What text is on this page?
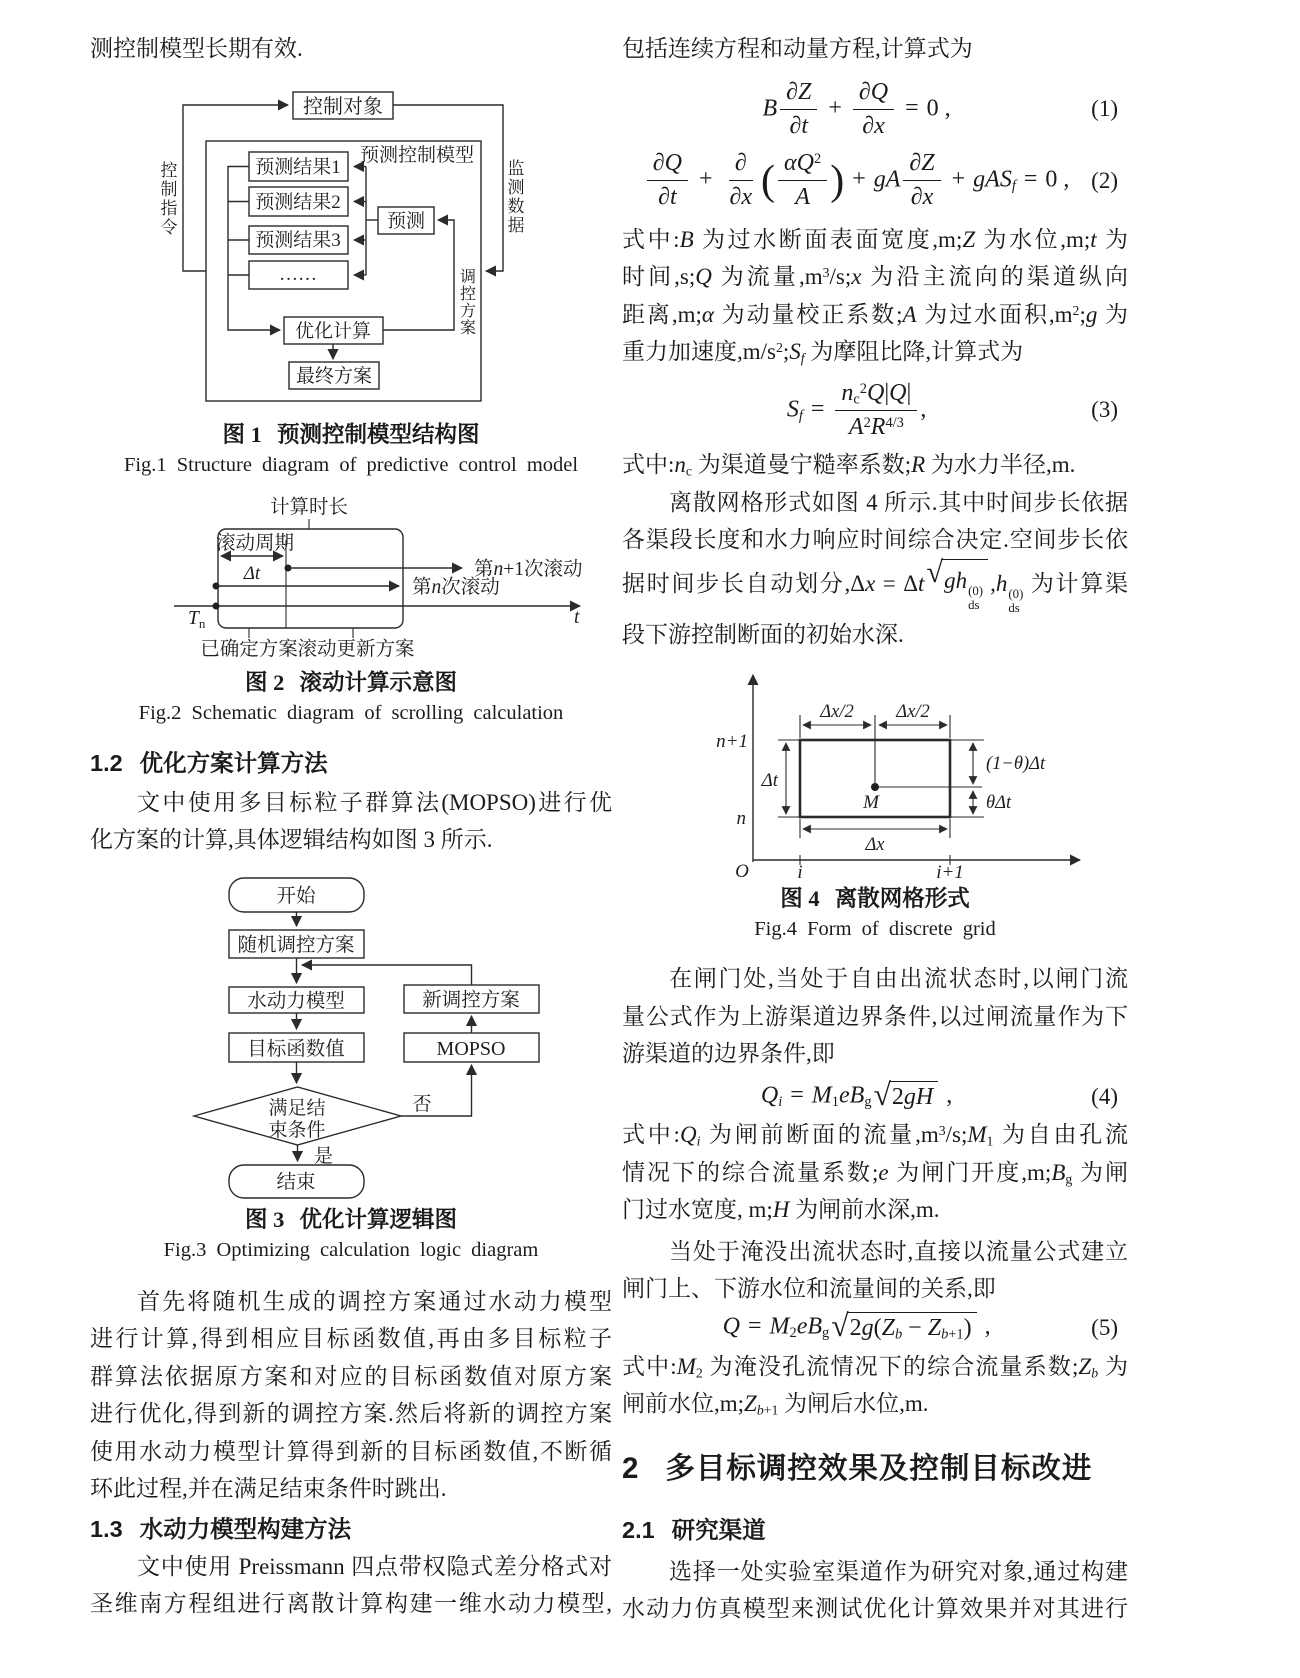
测控制模型长期有效.
控制对象
预测控制模型
预测结果1
预测结果2
预测结果3
……
预测
优化计算
最终方案
控制指令
监测数据
调控方案
图 1 预测控制模型结构图
Fig.1 Structure diagram of predictive control model
计算时长
滚动周期
Δt	第n+1次滚动
第n次滚动
$T_n$	t
已确定方案 滚动更新方案
图 2 滚动计算示意图
Fig.2 Schematic diagram of scrolling calculation
1.2 优化方案计算方法
文中使用多目标粒子群算法(MOPSO)进行优
化方案的计算,具体逻辑结构如图 3 所示.
开始
随机调控方案
水动力模型
目标函数值
满足结
束条件
是
结束
否
MOPSO
新调控方案
图 3 优化计算逻辑图
Fig.3 Optimizing calculation logic diagram
首先将随机生成的调控方案通过水动力模型
进行计算,得到相应目标函数值,再由多目标粒子
群算法依据原方案和对应的目标函数值对原方案
进行优化,得到新的调控方案.然后将新的调控方案
使用水动力模型计算得到新的目标函数值,不断循
环此过程,并在满足结束条件时跳出.
1.3 水动力模型构建方法
文中使用 Preissmann 四点带权隐式差分格式对
圣维南方程组进行离散计算构建一维水动力模型,
包括连续方程和动量方程,计算式为
B $\frac{\partial Z}{\partial t} + \frac{\partial Q}{\partial x} = 0$ ,	(1)
$\frac{\partial Q}{\partial t}$ +
∂
∂x ( $\frac{\alpha Q^2}{A}$ ) + gA $\frac{\partial Z}{\partial x} + gAS_f = 0$ , (2)
式中:B 为过水断面表面宽度,m;Z 为水位,m;t 为
时间,s;Q 为流量$,m^3/s;x$ 为沿主流向的渠道纵向
距离,m;α 为动量校正系数;A 为过水面积$,m^2;g$ 为
重力加速度$,m/s^2;S_f$ 为摩阻比降,计算式为
$S_f = \frac{n_c^2Q|Q|}{A^2R^{4/3}}$ ,	(3)
式中$:n_c$ 为渠道曼宁糙率系数;R 为水力半径,m.
离散网格形式如图 4 所示.其中时间步长依据
各渠段长度和水力响应时间综合决定.空间步长依
据时间步长自动划分,Δx = Δt √ gh (0)
ds
,h (0)
ds
为计算渠
段下游控制断面的初始水深.
O
n+1
n
Δt
Δx/2 Δx/2
M
(1−θ)Δt
θΔt
Δx
i	i+1
图 4 离散网格形式
Fig.4 Form of discrete grid
在闸门处,当处于自由出流状态时,以闸门流
量公式作为上游渠道边界条件,以过闸流量作为下
游渠道的边界条件,即
$Q_i = M_1eB_g$ √ 2gH ,	(4)
式中$:Q_i$ 为闸前断面的流量$,m^3/s;M_1$ 为自由孔流
情况下的综合流量系数;e 为闸门开度$,m;B_g$ 为闸
门过水宽度, m;H 为闸前水深,m.
当处于淹没出流状态时,直接以流量公式建立
闸门上、下游水位和流量间的关系,即
$Q = M_2eB_g$ √ $2g(Z_b - Z_{b+1})$ ,	(5)
式中$:M_2$ 为淹没孔流情况下的综合流量系数$;Z_b$ 为
闸前水位$,m;Z_{b+1}$ 为闸后水位,m.
2 多目标调控效果及控制目标改进
2.1 研究渠道
选择一处实验室渠道作为研究对象,通过构建
水动力仿真模型来测试优化计算效果并对其进行
